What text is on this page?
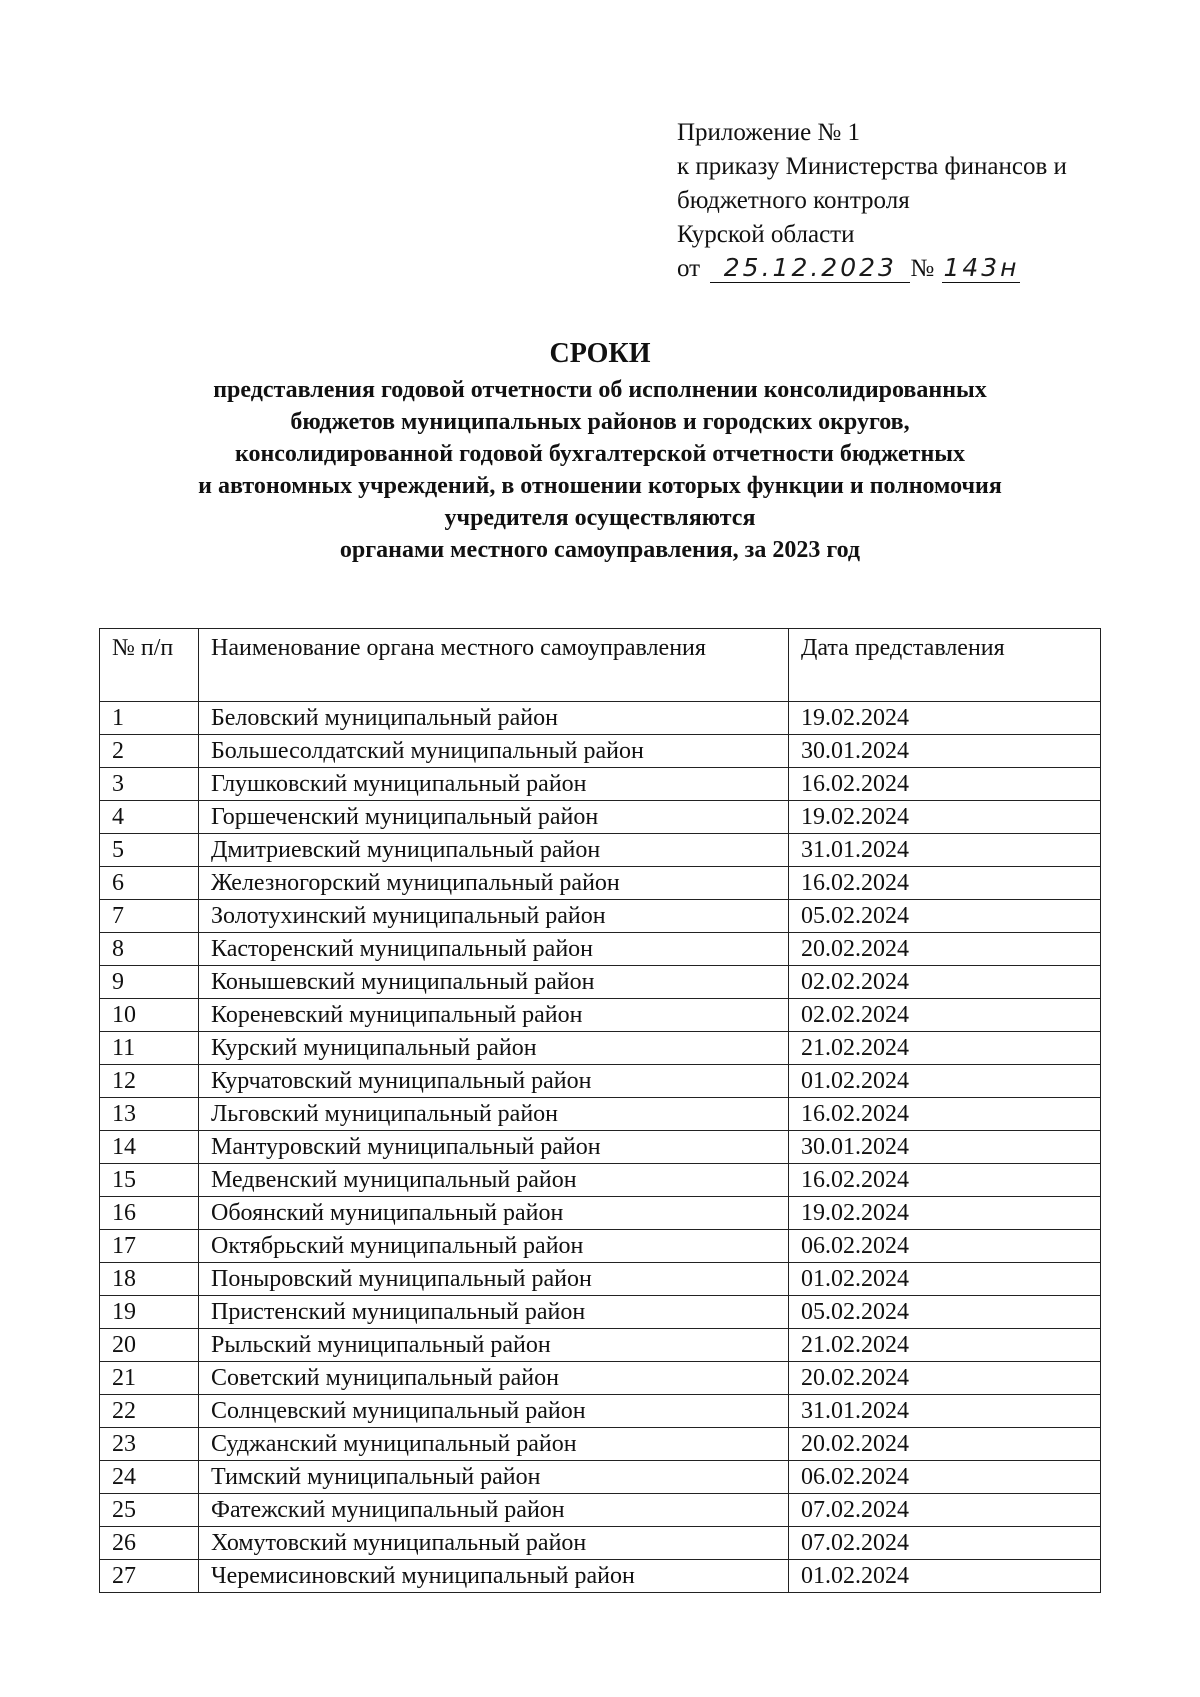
Приложение № 1
к приказу Министерства финансов и
бюджетного контроля
Курской области
от 25.12.2023 № 143н
СРОКИ
представления годовой отчетности об исполнении консолидированных
бюджетов муниципальных районов и городских округов,
консолидированной годовой бухгалтерской отчетности бюджетных
и автономных учреждений, в отношении которых функции и полномочия
учредителя осуществляются
органами местного самоуправления, за 2023 год
№ п/п	Наименование органа местного самоуправления	Дата представления
1	Беловский муниципальный район	19.02.2024
2	Большесолдатский муниципальный район	30.01.2024
3	Глушковский муниципальный район	16.02.2024
4	Горшеченский муниципальный район	19.02.2024
5	Дмитриевский муниципальный район	31.01.2024
6	Железногорский муниципальный район	16.02.2024
7	Золотухинский муниципальный район	05.02.2024
8	Касторенский муниципальный район	20.02.2024
9	Конышевский муниципальный район	02.02.2024
10	Кореневский муниципальный район	02.02.2024
11	Курский муниципальный район	21.02.2024
12	Курчатовский муниципальный район	01.02.2024
13	Льговский муниципальный район	16.02.2024
14	Мантуровский муниципальный район	30.01.2024
15	Медвенский муниципальный район	16.02.2024
16	Обоянский муниципальный район	19.02.2024
17	Октябрьский муниципальный район	06.02.2024
18	Поныровский муниципальный район	01.02.2024
19	Пристенский муниципальный район	05.02.2024
20	Рыльский муниципальный район	21.02.2024
21	Советский муниципальный район	20.02.2024
22	Солнцевский муниципальный район	31.01.2024
23	Суджанский муниципальный район	20.02.2024
24	Тимский муниципальный район	06.02.2024
25	Фатежский муниципальный район	07.02.2024
26	Хомутовский муниципальный район	07.02.2024
27	Черемисиновский муниципальный район	01.02.2024
